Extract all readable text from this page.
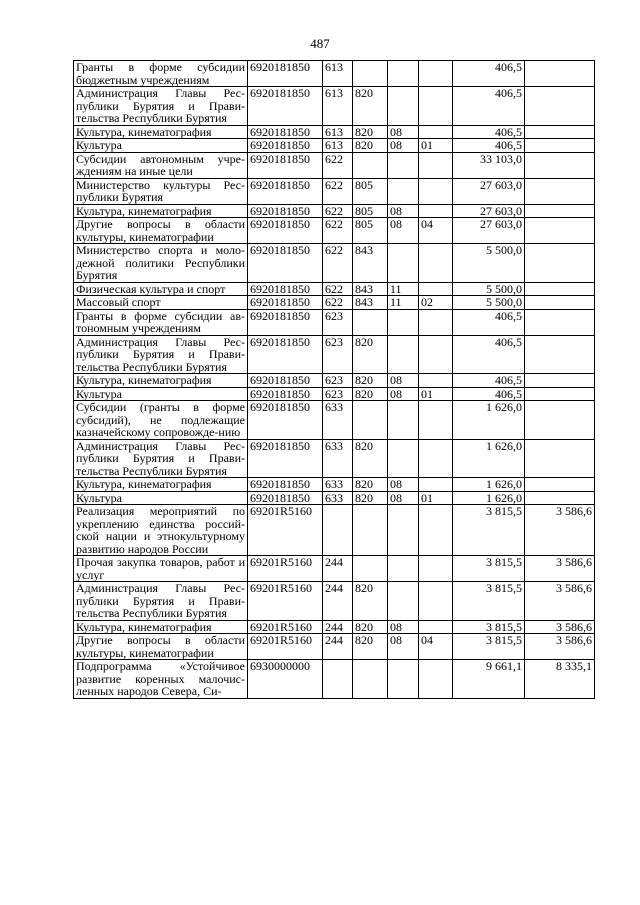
487
Гранты в форме субсидии бюджетным учреждениям	6920181850	613				406,5	
Администрация Главы Рес-публики Бурятия и Прави-тельства Республики Бурятия	6920181850	613	820			406,5	
Культура, кинематография	6920181850	613	820	08		406,5	
Культура	6920181850	613	820	08	01	406,5	
Субсидии автономным учре-ждениям на иные цели	6920181850	622				33 103,0	
Министерство культуры Рес-публики Бурятия	6920181850	622	805			27 603,0	
Культура, кинематография	6920181850	622	805	08		27 603,0	
Другие вопросы в области культуры, кинематографии	6920181850	622	805	08	04	27 603,0	
Министерство спорта и моло-дежной политики Республики Бурятия	6920181850	622	843			5 500,0	
Физическая культура и спорт	6920181850	622	843	11		5 500,0	
Массовый спорт	6920181850	622	843	11	02	5 500,0	
Гранты в форме субсидии ав-тономным учреждениям	6920181850	623				406,5	
Администрация Главы Рес-публики Бурятия и Прави-тельства Республики Бурятия	6920181850	623	820			406,5	
Культура, кинематография	6920181850	623	820	08		406,5	
Культура	6920181850	623	820	08	01	406,5	
Субсидии (гранты в форме субсидий), не подлежащие казначейскому сопровожде-нию	6920181850	633				1 626,0	
Администрация Главы Рес-публики Бурятия и Прави-тельства Республики Бурятия	6920181850	633	820			1 626,0	
Культура, кинематография	6920181850	633	820	08		1 626,0	
Культура	6920181850	633	820	08	01	1 626,0	
Реализация мероприятий по укреплению единства россий-ской нации и этнокультурному развитию народов России	69201R5160					3 815,5	3 586,6
Прочая закупка товаров, работ и услуг	69201R5160	244				3 815,5	3 586,6
Администрация Главы Рес-публики Бурятия и Прави-тельства Республики Бурятия	69201R5160	244	820			3 815,5	3 586,6
Культура, кинематография	69201R5160	244	820	08		3 815,5	3 586,6
Другие вопросы в области культуры, кинематографии	69201R5160	244	820	08	04	3 815,5	3 586,6
Подпрограмма «Устойчивое развитие коренных малочис-ленных народов Севера, Си-	6930000000					9 661,1	8 335,1
